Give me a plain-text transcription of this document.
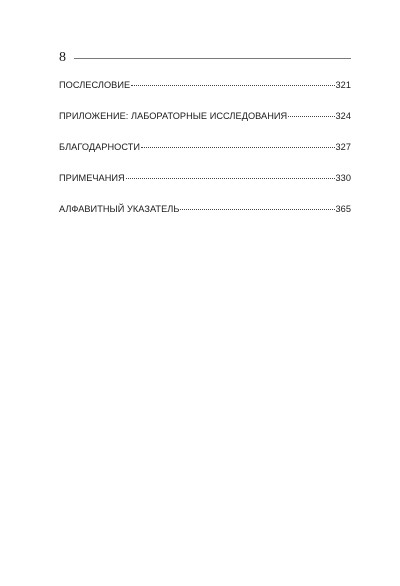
8
ПОСЛЕСЛОВИЕ	321
ПРИЛОЖЕНИЕ: ЛАБОРАТОРНЫЕ ИССЛЕДОВАНИЯ	324
БЛАГОДАРНОСТИ	327
ПРИМЕЧАНИЯ	330
АЛФАВИТНЫЙ УКАЗАТЕЛЬ	365
